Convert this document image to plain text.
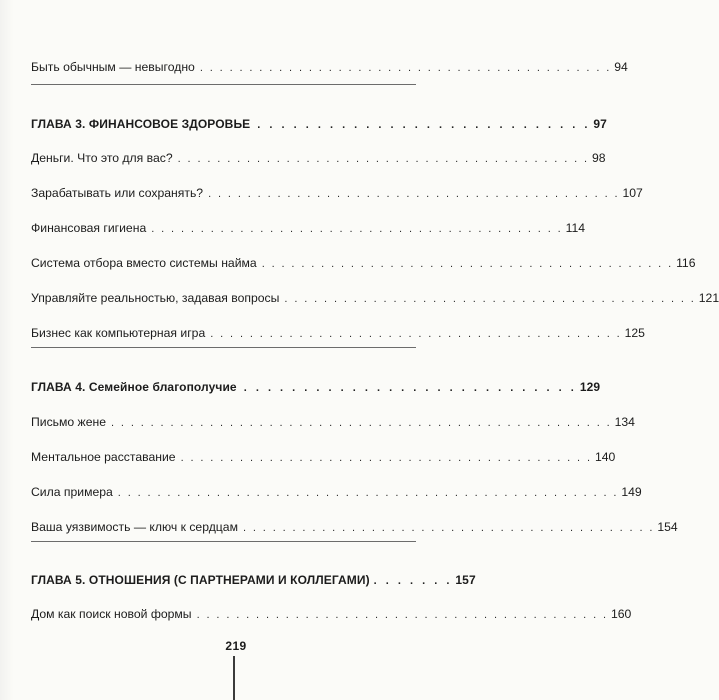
Быть обычным — невыгодно . . . . . . . . . . . . . . . . . . . . . . . . . . . . . . . . . . . . . . . . . . 94
ГЛАВА 3. ФИНАНСОВОЕ ЗДОРОВЬЕ . . . . . . . . . . . . . . . . . . . . . . . . . . . . 97
Деньги. Что это для вас? . . . . . . . . . . . . . . . . . . . . . . . . . . . . . . . . . . . . . . . . . . 98
Зарабатывать или сохранять? . . . . . . . . . . . . . . . . . . . . . . . . . . . . . . . . . . . . . . . . . . 107
Финансовая гигиена . . . . . . . . . . . . . . . . . . . . . . . . . . . . . . . . . . . . . . . . . . 114
Система отбора вместо системы найма . . . . . . . . . . . . . . . . . . . . . . . . . . . . . . . . . . . . . . . . . . 116
Управляйте реальностью, задавая вопросы . . . . . . . . . . . . . . . . . . . . . . . . . . . . . . . . . . . . . . . . . . 121
Бизнес как компьютерная игра . . . . . . . . . . . . . . . . . . . . . . . . . . . . . . . . . . . . . . . . . . 125
ГЛАВА 4. Семейное благополучие . . . . . . . . . . . . . . . . . . . . . . . . . . . . 129
Письмо жене . . . . . . . . . . . . . . . . . . . . . . . . . . . . . . . . . . . . . . . . . . . . . . . . . . . 134
Ментальное расставание . . . . . . . . . . . . . . . . . . . . . . . . . . . . . . . . . . . . . . . . . . 140
Сила примера . . . . . . . . . . . . . . . . . . . . . . . . . . . . . . . . . . . . . . . . . . . . . . . . . . . 149
Ваша уязвимость — ключ к сердцам . . . . . . . . . . . . . . . . . . . . . . . . . . . . . . . . . . . . . . . . . . 154
ГЛАВА 5. ОТНОШЕНИЯ (С ПАРТНЕРАМИ И КОЛЛЕГАМИ) . . . . . . . 157
Дом как поиск новой формы . . . . . . . . . . . . . . . . . . . . . . . . . . . . . . . . . . . . . . . . . . 160
219
